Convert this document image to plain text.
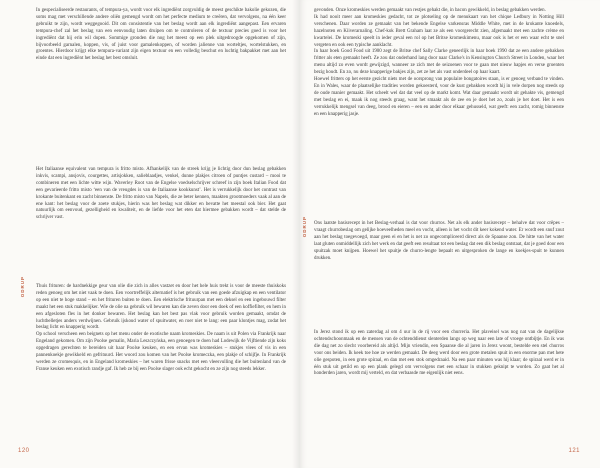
In gespecialiseerde restaurants, of tempura-ya, wordt voor elk ingrediënt zorgvuldig de meest geschikte bakolie gekozen, die soms mag met verschillende andere oliën gemengd wordt om het perfecte medium te creëren, dat vervolgens, na één keer gebruikt te zijn, wordt weggegooid. Dit om consistentie van het beslag wordt aan elk ingrediënt aangepast. Een ervaren tempura-chef zal het beslag van een eenvoudig laten druipen om te controleren of de textuur precies goed is voor het ingrediënt dat hij erin wil dopen. Sommige gronden die nog het meest op een plek uitgedroogde opgekomen of zijn, bijvoorbeeld garnalen, koppen, vis, of juist voor gamalenkoppen, of worden jalienne van worteltjes, wortelstukken, en groentes. Hierdoor krijgt elke tempura-variant zijn eigen textuur en een volledig beschut en luchtig bakpakket met aan het einde dat een ingrediënt het beslag het best omsluit.

Het Italiaanse equivalent van tempura is fritto misto. Afhankelijk van de streek krijg je lichtig door dun beslag gebakken inkvis, scampi, ansjovis, courgettes, artisjokken, salieblaadjes, venkel, dunne plakjes citroen of puntjes custard – mooi te combineren met een lichte witte wijn. Waverley Root van de Engelse voedselschrijver schreef in zijn boek Italian Food dat een gevarieerde fritto misto ‘een van de vreugdes is van de Italiaanse kookkunst’. Het is verrukkelijk door het contrast van krokante buitenkant en zacht binnenste. De fritto misto van Napels, die ze beter kennen, maakten grootmoeders vaak al aan de ene kant: het beslag voor de zoete stukjes, hierin was het beslag wat dikker en bevatte het meestal ook bier. Het gaat natuurlijk om eenvoud, gezelligheid en kwaliteit, en de liefde voor het eten dat hiermee gebakken wordt – dat stelde de schrijver vast.

ODRUP Thuis frituren: de hardnekkige geur van olie die zich in alles vastzet en door het hele huis trekt is voor de meeste thuiskoks reden genoeg om het niet vaak te doen. Een voortreffelijk alternatief is het gebruik van een goede afzuigkap en een ventilator op een niet te hoge stand – en het frituren buiten te doen. Een elektrische frituurpan met een deksel en een ingebouwd filter maakt het een stuk makkelijker. Wie de olie na gebruik wil bewaren kan die zeven door een doek of een koffiefilter, en hem in een afgesloten fles in het donker bewaren. Het beslag kan het best pas vlak voor gebruik worden gemaakt, omdat de luchtbelletjes anders verdwijnen. Gebruik ijskoud water of spuitwater, en roer niet te lang: een paar klontjes mag, zodat het beslag licht en knapperig wordt.
Op school verscheen een beignets op het menu onder de exotische naam kromeskies. De naam is uit Polen via Frankrijk naar Engeland gekomen. Om zijn Poolse gemalin, Maria Leszczyńska, een genoegen te doen had Lodewijk de Vijftiende zijn koks opgedragen gerechten te bereiden uit haar Poolse keuken, en een ervan was kromeskies – stukjes vlees of vis in een pannenkoekje gewikkeld en gefrituurd. Het woord zou komen van het Poolse kromeczka, een plakje of schijfje. In Frankrijk werden ze cromesquis, en in Engeland kromeskies – het waren frisse snacks met een vleesvulling die het buitenland van de Franse keuken een exotisch randje gaf. Ik heb ze bij een Poolse slager ook echt gekocht en ze zijn nog steeds lekker.

120

gevonden. Onze kromeskies werden gemaakt van restjes gehakt die, in bacon gewikkeld, in beslag gebakken werden.
Ik had nooit meer aan kromeskies gedacht, tot ze plotseling op de menukaart van het chique Ledbury in Notting Hill verschenen. Daar worden ze gemaakt van het bekende Engelse varkensras Middle White, met in de krokante knoedels, hazelnoten en Kiiverarnaling. Chef-kok Brett Graham laat ze als een voorgerecht zien, afgemaakt met een zachte crème en kwartelei. De kromeski speelt in ieder geval een rol op het Britse kromeskimenu, maar ook is het er een waar echt te snel vergeten en ook een typische aanklacht.
In haar boek Good Food uit 1900 zegt de Britse chef Sally Clarke geneerlijk in haar boek 1990 dat ze een andere gebakken fritter als eten gemaakt heeft. Ze zou dat onderhand lang door naar Clarke's in Kensington Church Street in Londen, waar het menu altijd zo even wordt gewijzigd, wanneer ze zich met de seizoenen voor te gaan met nieuw hapjes en verse groenten bezig houdt. En zo, nu deze knapperige bakjes zijn, zet ze het als vast onderdeel op haar kaart.
Hoewel fritters op het eerste gezicht niets met de oorsprong van populaire bongatoires staan, is er genoeg verband te vinden. En in Wales, waar de plaatselijke tradities worden gekoesterd, voor de kust gebakken wordt hij in vele dorpen nog steeds op de oude manier gemaakt. Het scheelt wel dat dat veel op de markt komt. Wat daar gemaakt wordt uit gehakte vis, gemengd met beslag en ei, maak ik nog steeds graag, want het smaakt als de zee en je doet het zo, zoals je het doet. Het is een verrukkelijk mengsel van deeg, brood en eieren – een en ander door elkaar gehusseld, wat geeft: een zacht, romig binnenste en een knapperig jasje.

ODRUP Ons laatste basisrecept in het Beslag-verhaal is dat voor churros. Net als elk ander basisrecept – behalve dat voor crêpes – vraagt churrobeslag om gelijke hoeveelheden meel en vocht, alleen is het vocht dit keer kokend water. Er wordt een snuf zout aan het beslag toegevoegd, maar geen ei en het is net zo ongecompliceerd direct als de Spaanse zon. De hitte van het water laat gluten onmiddellijk zich het werk en dat geeft een resultaat tot een beslag dat een dik beslag ontstaat, dat je goed door een spuitzak moet knijpen. Hoewel het spuitje de churro-lengte bepaalt en uitgesproken de lange en koekjes-spuit te kunnen drukken.

In Jerez stond ik op een zaterdag al om 4 uur in de rij voor een churreria. Het plaveisel was nog nat van de dagelijkse ochtendschoonmaak en de mensen van de ochtenddienst slenterden langs op weg naar een late of vroege ontbijtje. En ik was die dag net zo slecht voorbereid als altijd. Mijn vriendin, een Spaanse die al jaren in Jerez woont, bestelde een stel churros voor ons beiden. Ik keek toe hoe ze werden gemaakt. De deeg werd door een grote metalen spuit in een enorme pan met hete olie gespoten, in een grote spiraal, en dan met een stok omgedraaid. Na een paar minuten was hij klaar; de spiraal werd er in één stuk uit getild en op een plank gelegd om vervolgens met een schaar in stukken geknipt te worden. Zo gaat het al honderden jaren, wordt mij verteld, en dat verbaasde me eigenlijk niet eens.

121
